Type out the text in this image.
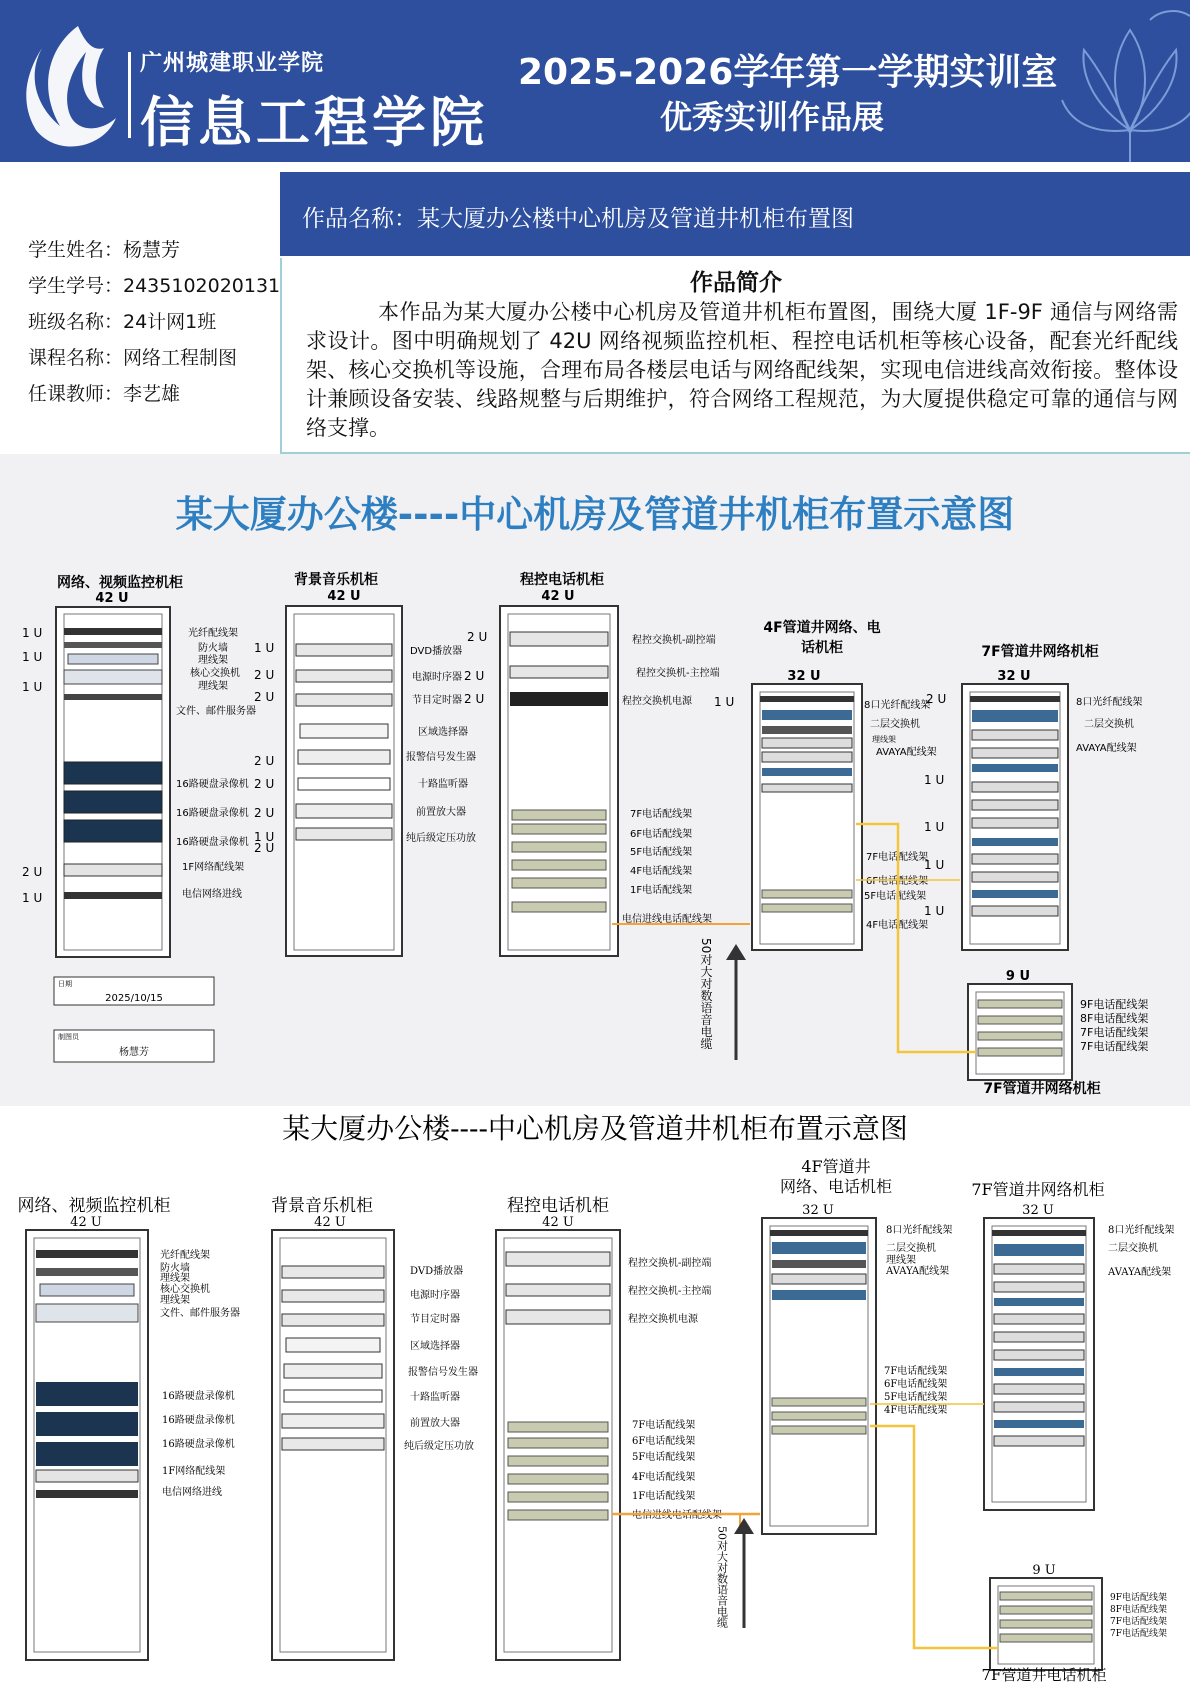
广州城建职业学院
信息工程学院
2025-2026学年第一学期实训室
优秀实训作品展
学生姓名：杨慧芳
学生学号：2435102020131
班级名称：24计网1班
课程名称：网络工程制图
任课教师：李艺雄
作品名称：某大厦办公楼中心机房及管道井机柜布置图
作品简介
本作品为某大厦办公楼中心机房及管道井机柜布置图，围绕大厦 1F-9F 通信与网络需求设计。图中明确规划了 42U 网络视频监控机柜、程控电话机柜等核心设备，配套光纤配线架、核心交换机等设施，合理布局各楼层电话与网络配线架，实现电信进线高效衔接。整体设计兼顾设备安装、线路规整与后期维护，符合网络工程规范，为大厦提供稳定可靠的通信与网络支撑。
某大厦办公楼----中心机房及管道井机柜布置示意图
网络、视频监控机柜
42 U
光纤配线架
防火墙
理线架
核心交换机
理线架
文件、邮件服务器
16路硬盘录像机
16路硬盘录像机
16路硬盘录像机
1F网络配线架
电信网络进线
1 U
1 U
1 U
1 U
2 U
2 U
2 U
2 U
1 U
2 U
2 U
1 U
背景音乐机柜
42 U
DVD播放器
电源时序器
节目定时器
区域选择器
报警信号发生器
十路监听器
前置放大器
纯后级定压功放
2 U
2 U
2 U
2 U
程控电话机柜
42 U
程控交换机-副控端
程控交换机-主控端
程控交换机电源
7F电话配线架
6F电话配线架
5F电话配线架
4F电话配线架
1F电话配线架
电信进线电话配线架
1 U
4F管道井网络、电
话机柜
32 U
8口光纤配线架
二层交换机
理线架
AVAYA配线架
7F电话配线架
6F电话配线架
5F电话配线架
4F电话配线架
2 U
1 U
1 U
1 U
1 U
7F管道井网络机柜
32 U
8口光纤配线架
二层交换机
AVAYA配线架
9 U
9F电话配线架
8F电话配线架
7F电话配线架
7F电话配线架
7F管道井网络机柜
50对大对数语音电缆
日期
2025/10/15
制图员
杨慧芳
某大厦办公楼----中心机房及管道井机柜布置示意图
网络、视频监控机柜
42 U
光纤配线架
防火墙
理线架
核心交换机
理线架
文件、邮件服务器
16路硬盘录像机
16路硬盘录像机
16路硬盘录像机
1F网络配线架
电信网络进线
背景音乐机柜
42 U
DVD播放器
电源时序器
节目定时器
区域选择器
报警信号发生器
十路监听器
前置放大器
纯后级定压功放
程控电话机柜
42 U
程控交换机-副控端
程控交换机-主控端
程控交换机电源
7F电话配线架
6F电话配线架
5F电话配线架
4F电话配线架
1F电话配线架
电信进线电话配线架
4F管道井
网络、电话机柜
32 U
8口光纤配线架
二层交换机
理线架
AVAYA配线架
7F电话配线架
6F电话配线架
5F电话配线架
4F电话配线架
7F管道井网络机柜
32 U
8口光纤配线架
二层交换机
AVAYA配线架
9 U
9F电话配线架
8F电话配线架
7F电话配线架
7F电话配线架
7F管道井电话机柜
50对大对数语音电缆
